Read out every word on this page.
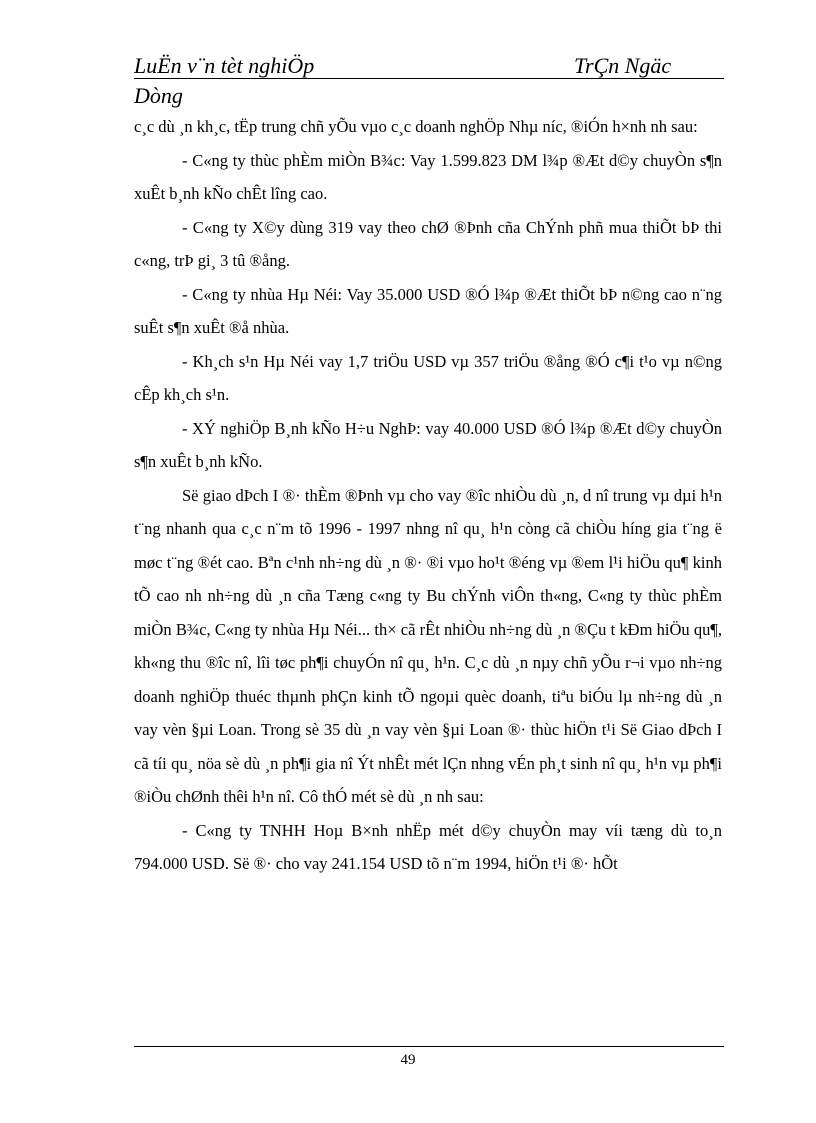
LuËn v¨n tèt nghiÖp	TrÇn Ngäc
Dòng

c¸c dù ¸n kh¸c, tËp trung chñ yÕu vµo c¸c doanh nghÖp Nhµ níc, ®iÓn h×nh nh sau:

- C«ng ty thùc phÈm miÒn B¾c: Vay 1.599.823 DM l¾p ®Æt d©y chuyÒn s¶n xuÊt b¸nh kÑo chÊt lîng cao.

- C«ng ty X©y dùng 319 vay theo chØ ®Þnh cña ChÝnh phñ mua thiÕt bÞ thi c«ng, trÞ gi¸ 3 tû ®ång.

- C«ng ty nhùa Hµ Néi: Vay 35.000 USD ®Ó l¾p ®Æt thiÕt bÞ n©ng cao n¨ng suÊt s¶n xuÊt ®å nhùa.

- Kh¸ch s¹n Hµ Néi vay 1,7 triÖu USD vµ 357 triÖu ®ång ®Ó c¶i t¹o vµ n©ng cÊp kh¸ch s¹n.

- XÝ nghiÖp B¸nh kÑo H÷u NghÞ: vay 40.000 USD ®Ó l¾p ®Æt d©y chuyÒn s¶n xuÊt b¸nh kÑo.

Së giao dÞch I ®· thÈm ®Þnh vµ cho vay ®îc nhiÒu dù ¸n, d nî trung vµ dµi h¹n t¨ng nhanh qua c¸c n¨m tõ 1996 - 1997 nhng nî qu¸ h¹n còng cã chiÒu híng gia t¨ng ë møc t¨ng ®ét cao. Bªn c¹nh nh÷ng dù ¸n ®· ®i vµo ho¹t ®éng vµ ®em l¹i hiÖu qu¶ kinh tÕ cao nh nh÷ng dù ¸n cña Tæng c«ng ty Bu chÝnh viÔn th«ng, C«ng ty thùc phÈm miÒn B¾c, C«ng ty nhùa Hµ Néi... th× cã rÊt nhiÒu nh÷ng dù ¸n ®Çu t kÐm hiÖu qu¶, kh«ng thu ®îc nî, lîi tøc ph¶i chuyÓn nî qu¸ h¹n. C¸c dù ¸n nµy chñ yÕu r¬i vµo nh÷ng doanh nghiÖp thuéc thµnh phÇn kinh tÕ ngoµi quèc doanh, tiªu biÓu lµ nh÷ng dù ¸n vay vèn §µi Loan. Trong sè 35 dù ¸n vay vèn §µi Loan ®· thùc hiÖn t¹i Së Giao dÞch I cã tíi qu¸ nöa sè dù ¸n ph¶i gia nî Ýt nhÊt mét lÇn nhng vÉn ph¸t sinh nî qu¸ h¹n vµ ph¶i ®iÒu chØnh thêi h¹n nî. Cô thÓ mét sè dù ¸n nh sau:

- C«ng ty TNHH Hoµ B×nh nhËp mét d©y chuyÒn may víi tæng dù to¸n 794.000 USD. Së ®· cho vay 241.154 USD tõ n¨m 1994, hiÖn t¹i ®· hÕt

49
